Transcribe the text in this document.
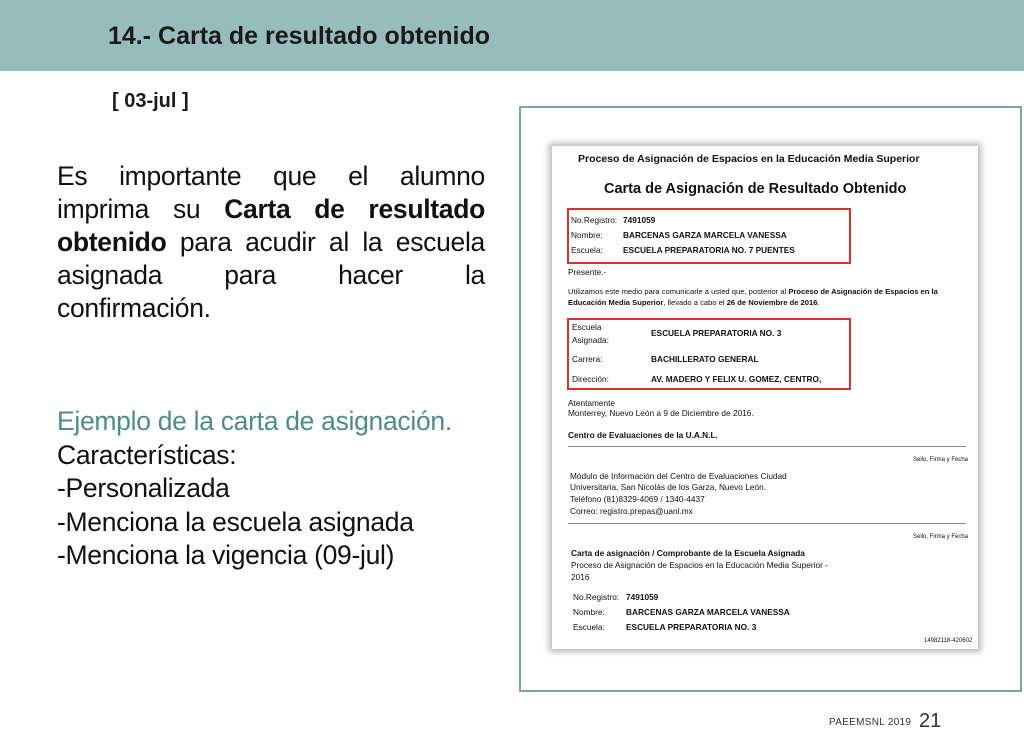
14.- Carta de resultado obtenido
[ 03-jul ]
Es importante que el alumno
imprima su Carta de resultado
obtenido para acudir al la escuela
asignada para hacer la
confirmación.
Ejemplo de la carta de asignación.
Características:
-Personalizada
-Menciona la escuela asignada
-Menciona la vigencia (09-jul)
Proceso de Asignación de Espacios en la Educación Media Superior
Carta de Asignación de Resultado Obtenido
No.Registro: 7491059
Nombre: BARCENAS GARZA MARCELA VANESSA
Escuela: ESCUELA PREPARATORIA NO. 7 PUENTES
Presente.-
Utilizamos este medio para comunicarle a usted que, posterior al Proceso de Asignación de Espacios en la
Educación Media Superior, llevado a cabo el 26 de Noviembre de 2016.
Escuela
Asignada:
ESCUELA PREPARATORIA NO. 3
Carrera:	BACHILLERATO GENERAL
Dirección:	AV. MADERO Y FELIX U. GOMEZ, CENTRO,
Atentamente
Monterrey, Nuevo León a 9 de Diciembre de 2016.
Centro de Evaluaciones de la U.A.N.L.
Sello, Firma y Fecha
Módulo de Información del Centro de Evaluaciones Ciudad
Universitaria, San Nicolás de los Garza, Nuevo León.
Teléfono (81)8329-4069 / 1340-4437
Correo: registro.prepas@uanl.mx
Sello, Firma y Fecha
Carta de asignación / Comprobante de la Escuela Asignada
Proceso de Asignación de Espacios en la Educación Media Superior -
2016
No.Registro: 7491059
Nombre:	BARCENAS GARZA MARCELA VANESSA
Escuela:	ESCUELA PREPARATORIA NO. 3
14982118-420602
PAEEMSNL 2019 21
